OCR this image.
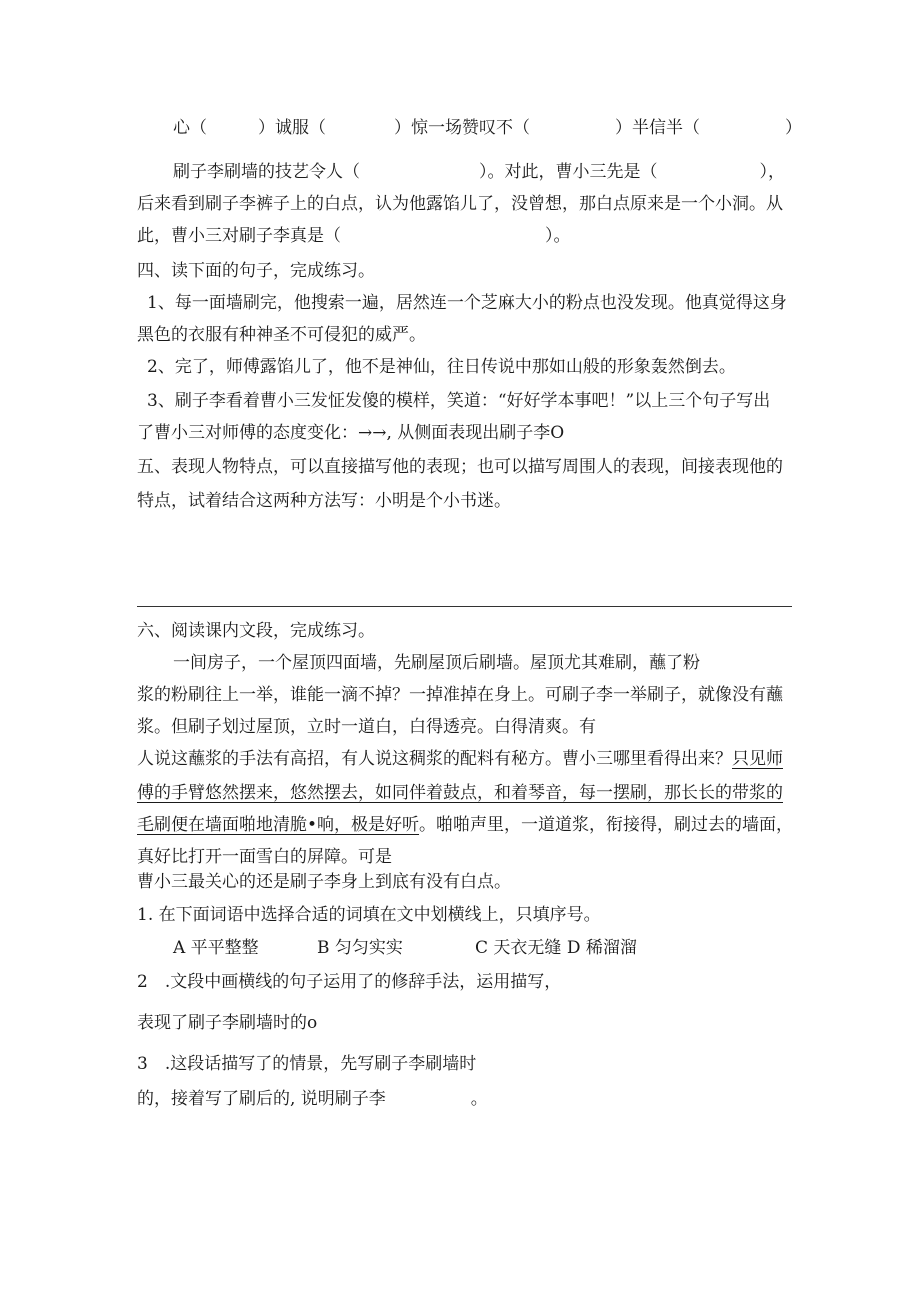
心（　　　）诚服（　　　　）惊一场赞叹不（　　　　　）半信半（　　　　　）
刷子李刷墙的技艺令人（　　　　　　　）。对此，曹小三先是（　　　　　　），
后来看到刷子李裤子上的白点，认为他露馅儿了，没曾想，那白点原来是一个小洞。从
此，曹小三对刷子李真是（　　　　　　　　　　　　）。
四、读下面的句子，完成练习。
1、每一面墙刷完，他搜索一遍，居然连一个芝麻大小的粉点也没发现。他真觉得这身
黑色的衣服有种神圣不可侵犯的威严。
2、完了，师傅露馅儿了，他不是神仙，往日传说中那如山般的形象轰然倒去。
3、刷子李看着曹小三发怔发傻的模样，笑道：“好好学本事吧！”以上三个句子写出
了曹小三对师傅的态度变化：→→, 从侧面表现出刷子李O
五、表现人物特点，可以直接描写他的表现；也可以描写周围人的表现，间接表现他的
特点，试着结合这两种方法写：小明是个小书迷。
六、阅读课内文段，完成练习。
一间房子，一个屋顶四面墙，先刷屋顶后刷墙。屋顶尤其难刷，蘸了粉
浆的粉刷往上一举，谁能一滴不掉？一掉准掉在身上。可刷子李一举刷子，就像没有蘸
浆。但刷子划过屋顶，立时一道白，白得透亮。白得清爽。有
人说这蘸浆的手法有高招，有人说这稠浆的配料有秘方。曹小三哪里看得出来？只见师
傅的手臂悠然摆来，悠然摆去，如同伴着鼓点，和着琴音，每一摆刷，那长长的带浆的
毛刷便在墙面啪地清脆•响，极是好听。啪啪声里，一道道浆，衔接得，刷过去的墙面，
真好比打开一面雪白的屏障。可是
曹小三最关心的还是刷子李身上到底有没有白点。
1. 在下面词语中选择合适的词填在文中划横线上，只填序号。
A 平平整整	B 匀匀实实	C 天衣无缝 D 稀溜溜
2　.文段中画横线的句子运用了的修辞手法，运用描写，
表现了刷子李刷墙时的o
3　.这段话描写了的情景，先写刷子李刷墙时
的，接着写了刷后的, 说明刷子李　　　　　。
